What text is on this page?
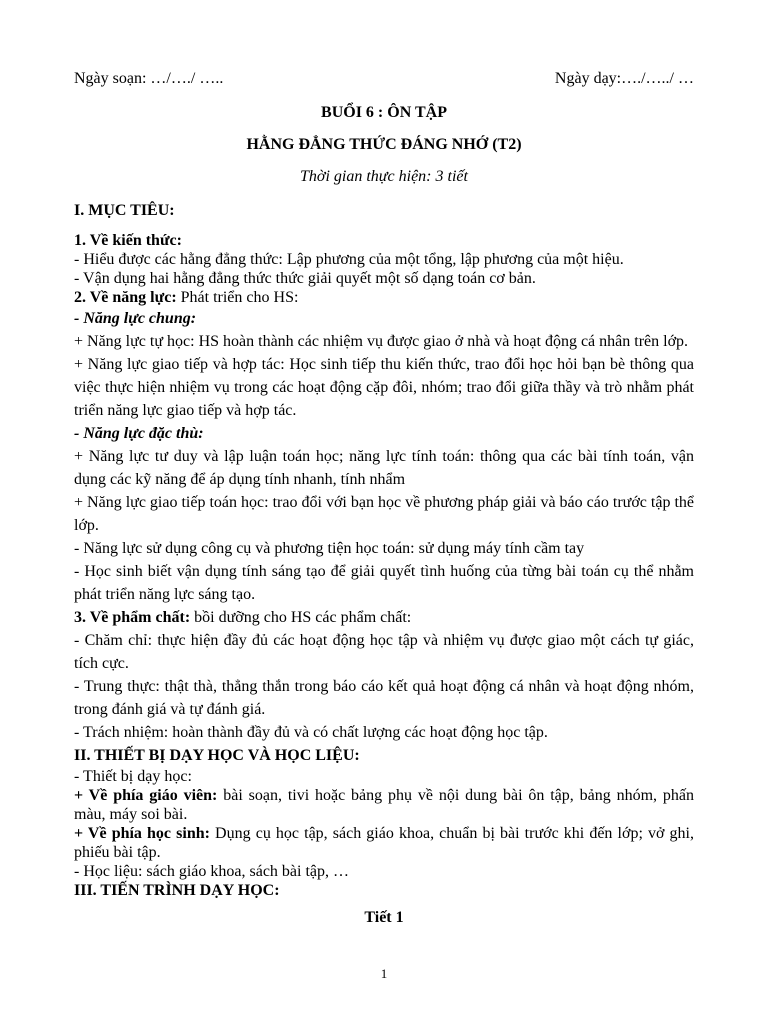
Ngày soạn: …/…./ …..	Ngày dạy:…./…../ …
BUỔI 6 : ÔN TẬP
HẰNG ĐẲNG THỨC ĐÁNG NHỚ (T2)
Thời gian thực hiện: 3 tiết
I. MỤC TIÊU:
1. Về kiến thức:
- Hiểu được các hằng đẳng thức: Lập phương của một tổng, lập phương của một hiệu.
- Vận dụng hai hằng đẳng thức thức giải quyết một số dạng toán cơ bản.
2. Về năng lực: Phát triển cho HS:
- Năng lực chung:
+ Năng lực tự học: HS hoàn thành các nhiệm vụ được giao ở nhà và hoạt động cá nhân trên lớp.
+ Năng lực giao tiếp và hợp tác: Học sinh tiếp thu kiến thức, trao đổi học hỏi bạn bè thông qua việc thực hiện nhiệm vụ trong các hoạt động cặp đôi, nhóm; trao đổi giữa thầy và trò nhằm phát triển năng lực giao tiếp và hợp tác.
- Năng lực đặc thù:
+ Năng lực tư duy và lập luận toán học; năng lực tính toán: thông qua các bài tính toán, vận dụng các kỹ năng để áp dụng tính nhanh, tính nhẩm
+ Năng lực giao tiếp toán học: trao đổi với bạn học về phương pháp giải và báo cáo trước tập thể lớp.
- Năng lực sử dụng công cụ và phương tiện học toán: sử dụng máy tính cầm tay
- Học sinh biết vận dụng tính sáng tạo để giải quyết tình huống của từng bài toán cụ thể nhằm phát triển năng lực sáng tạo.
3. Về phẩm chất: bồi dưỡng cho HS các phẩm chất:
- Chăm chỉ: thực hiện đầy đủ các hoạt động học tập và nhiệm vụ được giao một cách tự giác, tích cực.
- Trung thực: thật thà, thẳng thắn trong báo cáo kết quả hoạt động cá nhân và hoạt động nhóm, trong đánh giá và tự đánh giá.
- Trách nhiệm: hoàn thành đầy đủ và có chất lượng các hoạt động học tập.
II. THIẾT BỊ DẠY HỌC VÀ HỌC LIỆU:
- Thiết bị dạy học:
+ Về phía giáo viên: bài soạn, tivi hoặc bảng phụ về nội dung bài ôn tập, bảng nhóm, phấn màu, máy soi bài.
+ Về phía học sinh: Dụng cụ học tập, sách giáo khoa, chuẩn bị bài trước khi đến lớp; vở ghi, phiếu bài tập.
- Học liệu: sách giáo khoa, sách bài tập, …
III. TIẾN TRÌNH DẠY HỌC:
Tiết 1
1
